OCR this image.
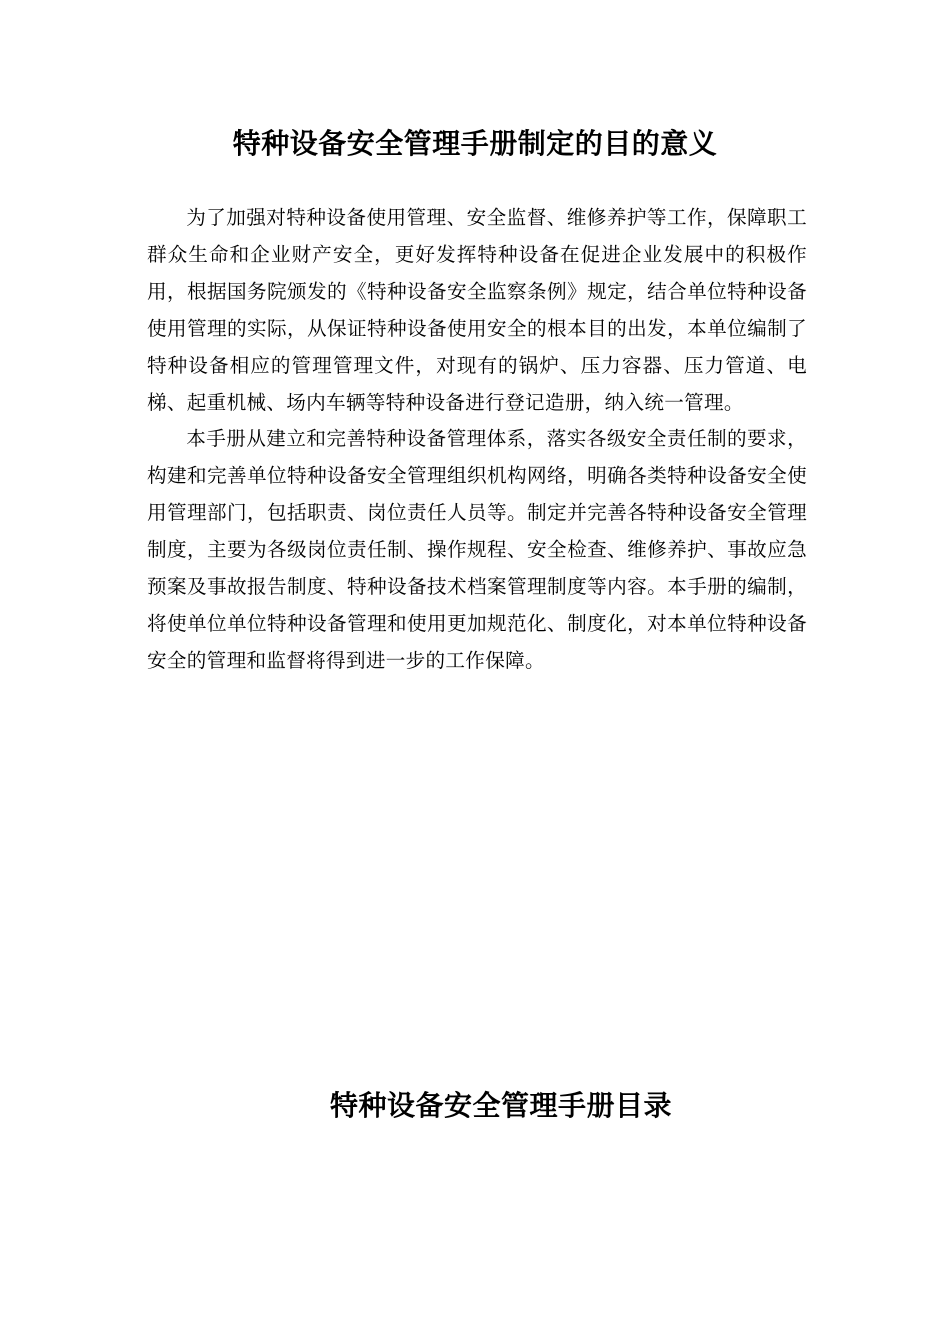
特种设备安全管理手册制定的目的意义

为了加强对特种设备使用管理、安全监督、维修养护等工作，保障职工群众生命和企业财产安全，更好发挥特种设备在促进企业发展中的积极作用，根据国务院颁发的《特种设备安全监察条例》规定，结合单位特种设备使用管理的实际，从保证特种设备使用安全的根本目的出发，本单位编制了特种设备相应的管理管理文件，对现有的锅炉、压力容器、压力管道、电梯、起重机械、场内车辆等特种设备进行登记造册，纳入统一管理。

本手册从建立和完善特种设备管理体系，落实各级安全责任制的要求，构建和完善单位特种设备安全管理组织机构网络，明确各类特种设备安全使用管理部门，包括职责、岗位责任人员等。制定并完善各特种设备安全管理制度，主要为各级岗位责任制、操作规程、安全检查、维修养护、事故应急预案及事故报告制度、特种设备技术档案管理制度等内容。本手册的编制，将使单位单位特种设备管理和使用更加规范化、制度化，对本单位特种设备安全的管理和监督将得到进一步的工作保障。

特种设备安全管理手册目录
